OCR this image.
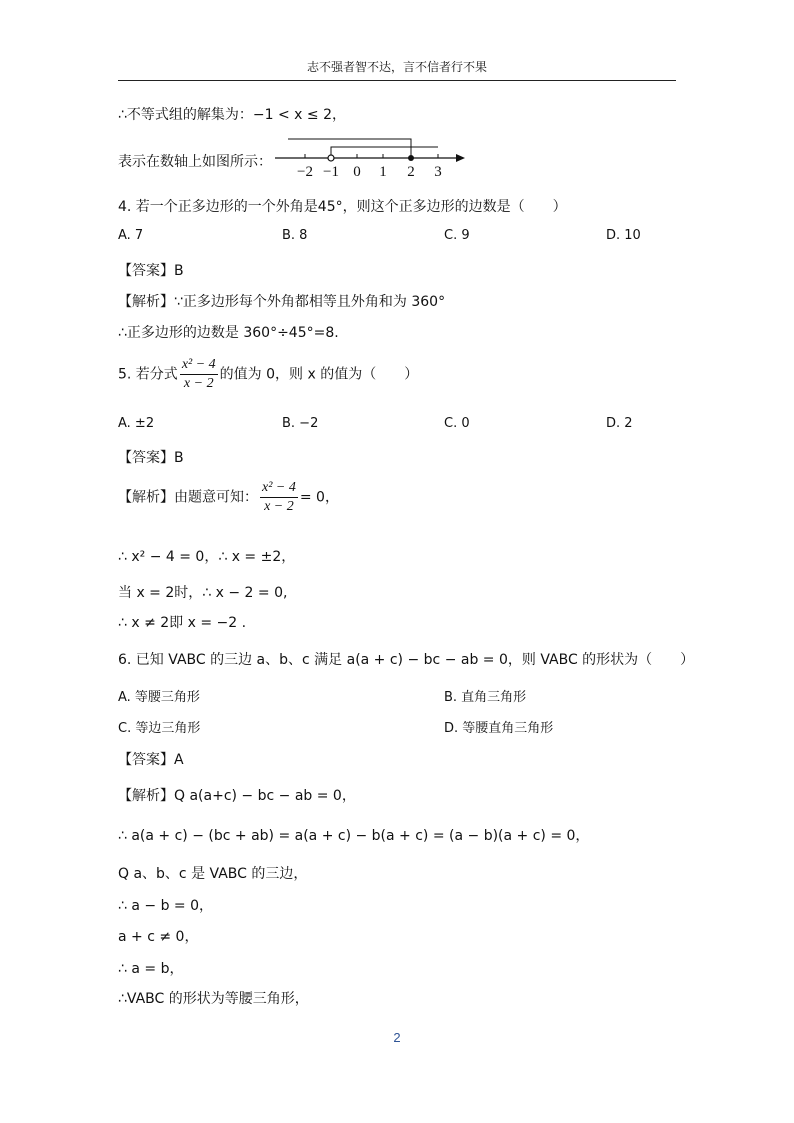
志不强者智不达，言不信者行不果
∴不等式组的解集为：−1 < x ≤ 2，
表示在数轴上如图所示：
−2 −1 0 1 2 3
4. 若一个正多边形的一个外角是45°，则这个正多边形的边数是（　　）
A. 7	B. 8	C. 9	D. 10
【答案】B
【解析】∵正多边形每个外角都相等且外角和为 360°
∴正多边形的边数是 360°÷45°=8.
5. 若分式 $\frac{\text{x² − 4}}{x - 2}$ 的值为 0，则 x 的值为（　　）
A. ±2	B. −2	C. 0	D. 2
【答案】B
【解析】由题意可知： $\frac{\text{x² − 4}}{x - 2} = 0$，
∴ x² − 4 = 0，∴ x = ±2，
当 x = 2时，∴ x − 2 = 0,
∴ x ≠ 2即 x = −2 .
6. 已知 VABC 的三边 a、b、c 满足 a(a + c) − bc − ab = 0，则 VABC 的形状为（　　）
A. 等腰三角形	B. 直角三角形
C. 等边三角形	D. 等腰直角三角形
【答案】A
【解析】Q a(a+c) − bc − ab = 0，
∴ a(a + c) − (bc + ab) = a(a + c) − b(a + c) = (a − b)(a + c) = 0，
Q a、b、c 是 VABC 的三边，
∴ a − b = 0，
a + c ≠ 0，
∴ a = b，
∴VABC 的形状为等腰三角形，
2
